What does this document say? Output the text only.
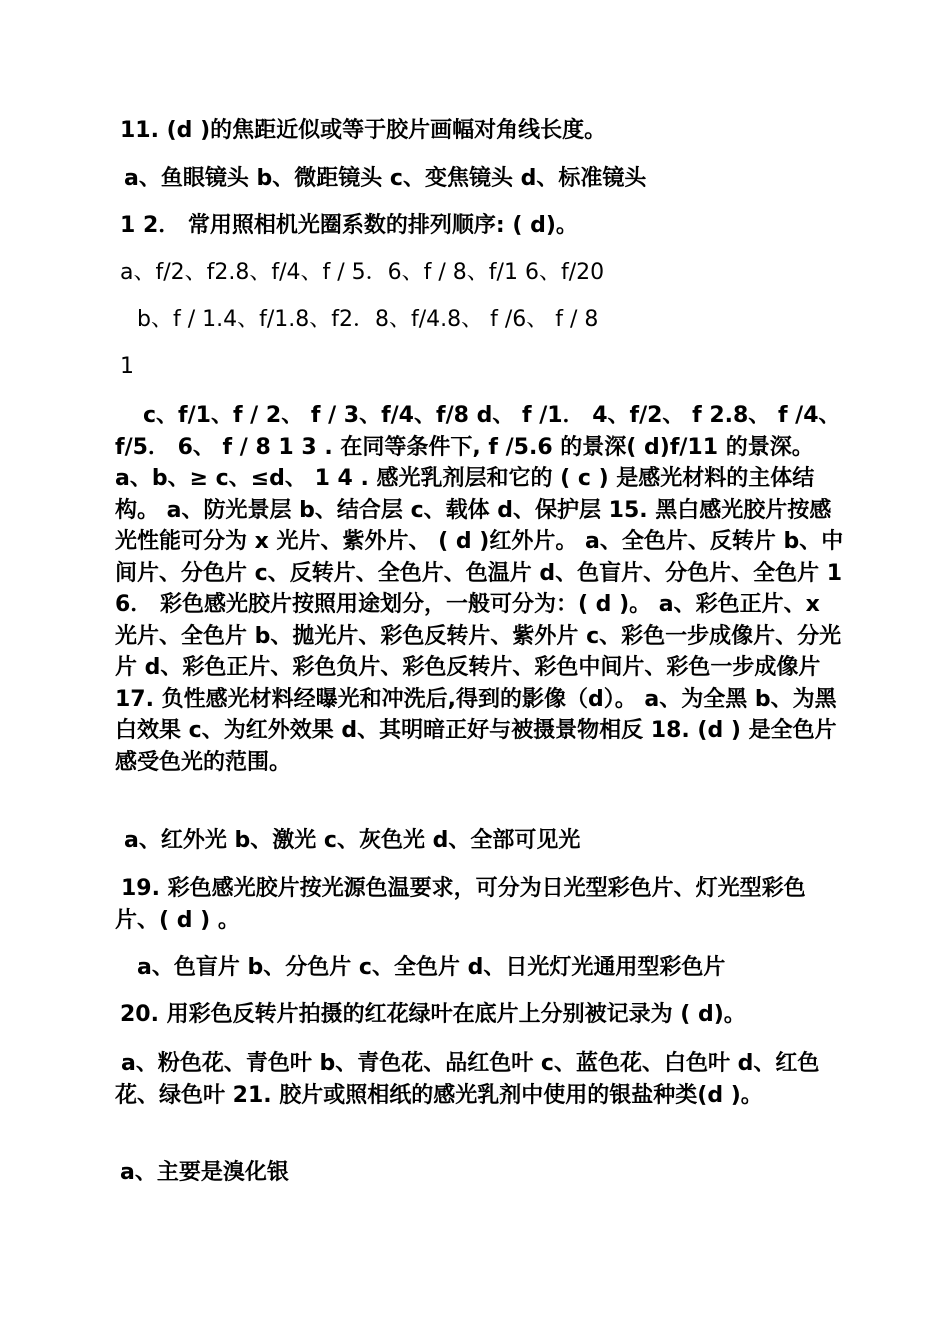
11. (d )的焦距近似或等于胶片画幅对角线长度。
a、鱼眼镜头 b、微距镜头 c、变焦镜头 d、标准镜头
1 2． 常用照相机光圈系数的排列顺序: ( d)。
a、f/2、f2.8、f/4、f / 5．6、f / 8、f/1 6、f/20
b、f / 1.4、f/1.8、f2．8、f/4.8、 f /6、 f / 8
1
c、f/1、f / 2、 f / 3、f/4、f/8 d、 f /1． 4、f/2、 f 2.8、 f /4、f/5． 6、 f / 8 1 3 . 在同等条件下, f /5.6 的景深( d)f/11 的景深。 a、b、≥ c、≤d、 1 4 . 感光乳剂层和它的 ( c ) 是感光材料的主体结构。 a、防光景层 b、结合层 c、载体 d、保护层 15. 黑白感光胶片按感光性能可分为 x 光片、紫外片、 ( d )红外片。 a、全色片、反转片 b、中间片、分色片 c、反转片、全色片、色温片 d、色盲片、分色片、全色片 1 6． 彩色感光胶片按照用途划分，一般可分为：( d )。 a、彩色正片、x 光片、全色片 b、拋光片、彩色反转片、紫外片 c、彩色一步成像片、分光片 d、彩色正片、彩色负片、彩色反转片、彩色中间片、彩色一步成像片 17. 负性感光材料经曝光和冲洗后,得到的影像（d）。 a、为全黑 b、为黑白效果 c、为红外效果 d、其明暗正好与被摄景物相反 18. (d ) 是全色片感受色光的范围。
a、红外光 b、激光 c、灰色光 d、全部可见光
19. 彩色感光胶片按光源色温要求，可分为日光型彩色片、灯光型彩色片、( d ) 。
a、色盲片 b、分色片 c、全色片 d、日光灯光通用型彩色片
20. 用彩色反转片拍摄的红花绿叶在底片上分别被记录为 ( d)。
a、粉色花、青色叶 b、青色花、品红色叶 c、蓝色花、白色叶 d、红色花、绿色叶 21. 胶片或照相纸的感光乳剂中使用的银盐种类(d )。
a、主要是溴化银
